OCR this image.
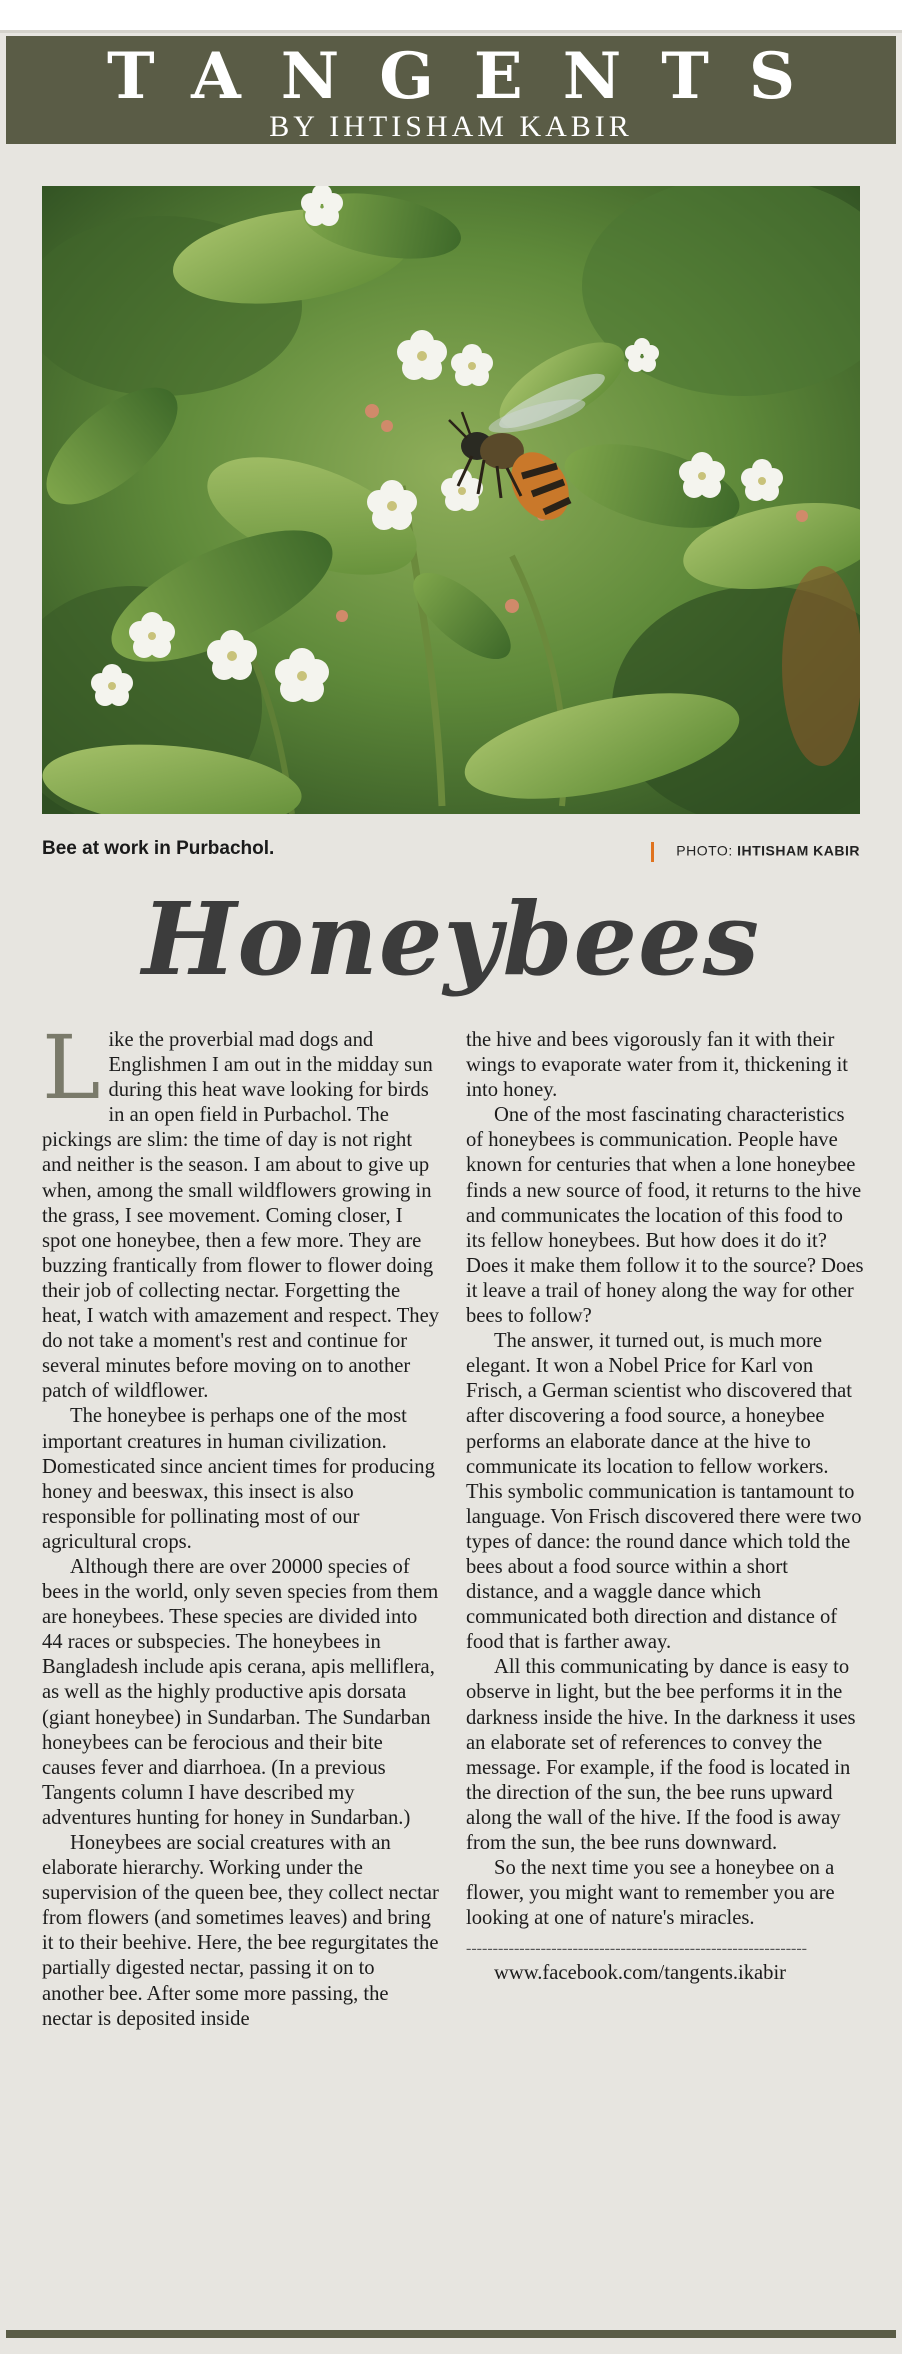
TANGENTS
BY IHTISHAM KABIR
Bee at work in Purbachol.	PHOTO: IHTISHAM KABIR
Honeybees

Like the proverbial mad dogs and Englishmen I am out in the midday sun during this heat wave looking for birds in an open field in Purbachol. The pickings are slim: the time of day is not right and neither is the season. I am about to give up when, among the small wildflowers growing in the grass, I see movement. Coming closer, I spot one honeybee, then a few more. They are buzzing frantically from flower to flower doing their job of collecting nectar. Forgetting the heat, I watch with amazement and respect. They do not take a moment's rest and continue for several minutes before moving on to another patch of wildflower.

The honeybee is perhaps one of the most important creatures in human civilization. Domesticated since ancient times for producing honey and beeswax, this insect is also responsible for pollinating most of our agricultural crops.

Although there are over 20000 species of bees in the world, only seven species from them are honeybees. These species are divided into 44 races or subspecies. The honeybees in Bangladesh include apis cerana, apis melliflera, as well as the highly productive apis dorsata (giant honeybee) in Sundarban. The Sundarban honeybees can be ferocious and their bite causes fever and diarrhoea. (In a previous Tangents column I have described my adventures hunting for honey in Sundarban.)

Honeybees are social creatures with an elaborate hierarchy. Working under the supervision of the queen bee, they collect nectar from flowers (and sometimes leaves) and bring it to their beehive. Here, the bee regurgitates the partially digested nectar, passing it on to another bee. After some more passing, the nectar is deposited inside

the hive and bees vigorously fan it with their wings to evaporate water from it, thickening it into honey.

One of the most fascinating characteristics of honeybees is communication. People have known for centuries that when a lone honeybee finds a new source of food, it returns to the hive and communicates the location of this food to its fellow honeybees. But how does it do it? Does it make them follow it to the source? Does it leave a trail of honey along the way for other bees to follow?

The answer, it turned out, is much more elegant. It won a Nobel Price for Karl von Frisch, a German scientist who discovered that after discovering a food source, a honeybee performs an elaborate dance at the hive to communicate its location to fellow workers. This symbolic communication is tantamount to language. Von Frisch discovered there were two types of dance: the round dance which told the bees about a food source within a short distance, and a waggle dance which communicated both direction and distance of food that is farther away.

All this communicating by dance is easy to observe in light, but the bee performs it in the darkness inside the hive. In the darkness it uses an elaborate set of references to convey the message. For example, if the food is located in the direction of the sun, the bee runs upward along the wall of the hive. If the food is away from the sun, the bee runs downward.

So the next time you see a honeybee on a flower, you might want to remember you are looking at one of nature's miracles.

----------------------------------------------------------------

www.facebook.com/tangents.ikabir
